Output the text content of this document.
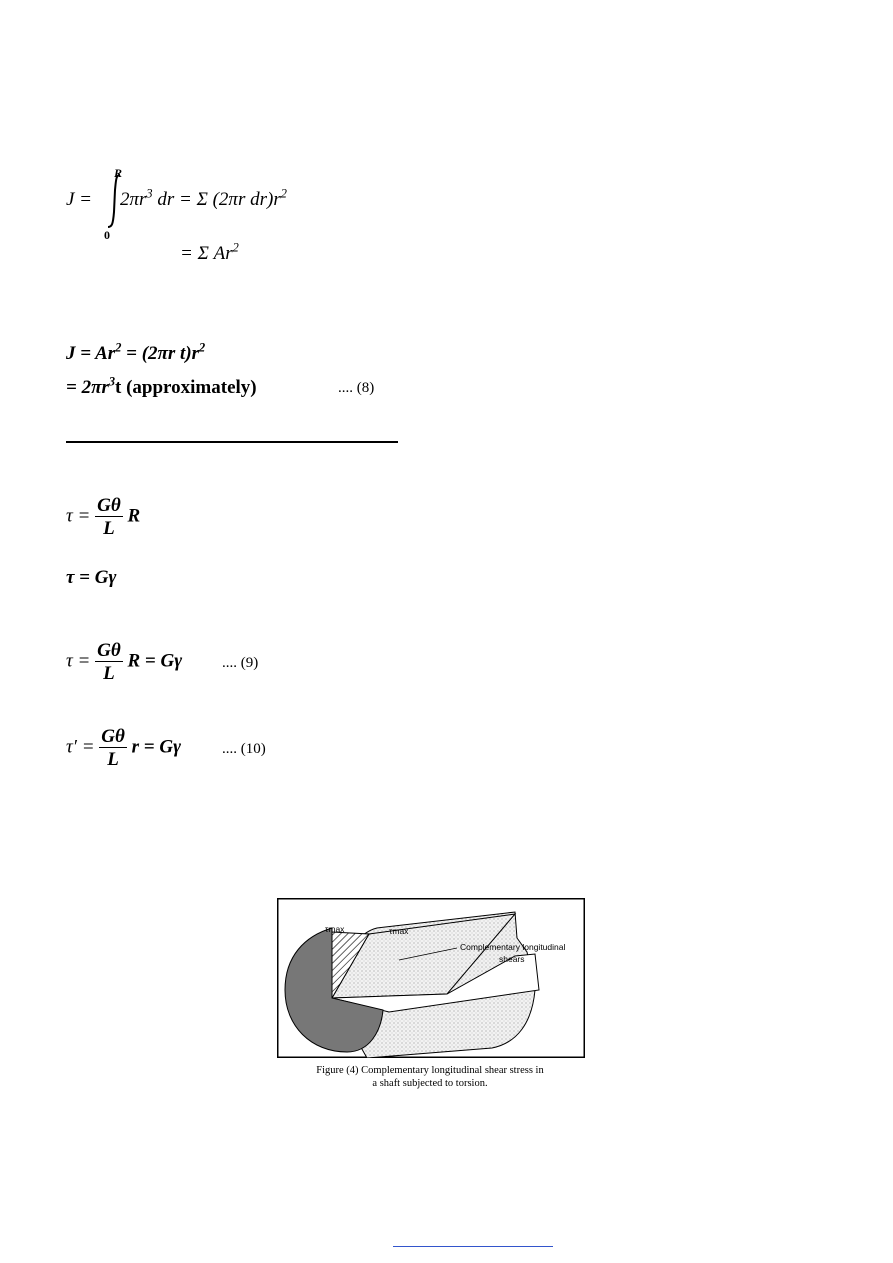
J =
R
0
$2\pi r^3$ dr = Σ (2πr $dr)r^2$
= Σ Ar$^2$
$J = Ar^2 = (2\pi r$ $t)r^2$
= $2\pi r^3t$ (approximately)	.... (8)
$\tau = \frac{G\theta}{L}$ R
τ = Gγ
$\tau = \frac{G\theta}{L}$ R = Gγ	.... (9)
$\tau' = \frac{G\theta}{L}$ r = Gγ	.... (10)
τmax	τmax
Complementary longitudinal
shears
Figure (4) Complementary longitudinal shear stress in
a shaft subjected to torsion.
